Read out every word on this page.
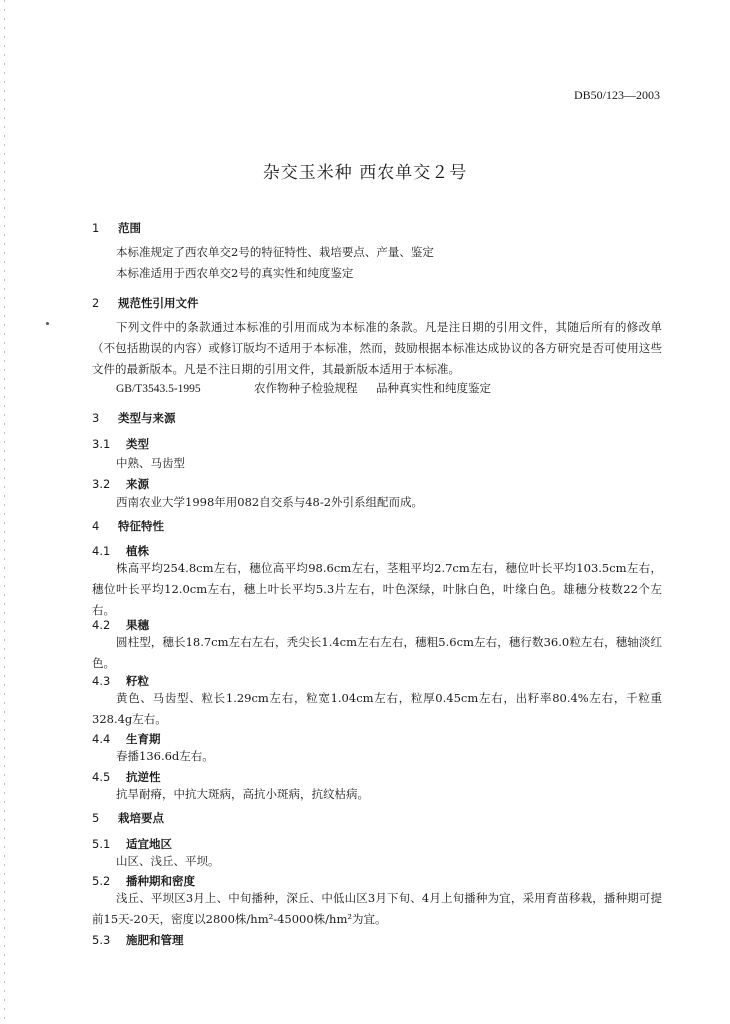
DB50/123—2003
杂交玉米种 西农单交２号
1 范围
本标准规定了西农单交2号的特征特性、栽培要点、产量、鉴定
本标准适用于西农单交2号的真实性和纯度鉴定
2 规范性引用文件
下列文件中的条款通过本标准的引用而成为本标准的条款。凡是注日期的引用文件，其随后所有的修改单（不包括勘误的内容）或修订版均不适用于本标准，然而，鼓励根据本标准达成协议的各方研究是否可使用这些文件的最新版本。凡是不注日期的引用文件，其最新版本适用于本标准。
GB/T3543.5-1995	农作物种子检验规程 品种真实性和纯度鉴定
3 类型与来源
3.1 类型
中熟、马齿型
3.2 来源
西南农业大学1998年用082自交系与48-2外引系组配而成。
4 特征特性
4.1 植株
株高平均254.8cm左右，穗位高平均98.6cm左右，茎粗平均2.7cm左右，穗位叶长平均103.5cm左右，穗位叶长平均12.0cm左右，穗上叶长平均5.3片左右，叶色深绿，叶脉白色，叶缘白色。雄穗分枝数22个左右。
4.2 果穗
圆柱型，穗长18.7cm左右左右，秃尖长1.4cm左右左右，穗粗5.6cm左右，穗行数36.0粒左右，穗轴淡红色。
4.3 籽粒
黄色、马齿型、粒长1.29cm左右，粒宽1.04cm左右，粒厚0.45cm左右，出籽率80.4%左右，千粒重328.4g左右。
4.4 生育期
春播136.6d左右。
4.5 抗逆性
抗旱耐瘠，中抗大斑病，高抗小斑病，抗纹枯病。
5 栽培要点
5.1 适宜地区
山区、浅丘、平坝。
5.2 播种期和密度
浅丘、平坝区3月上、中旬播种，深丘、中低山区3月下旬、4月上旬播种为宜，采用育苗移栽，播种期可提前15天-20天，密度以2800株/hm²-45000株/hm²为宜。
5.3 施肥和管理
